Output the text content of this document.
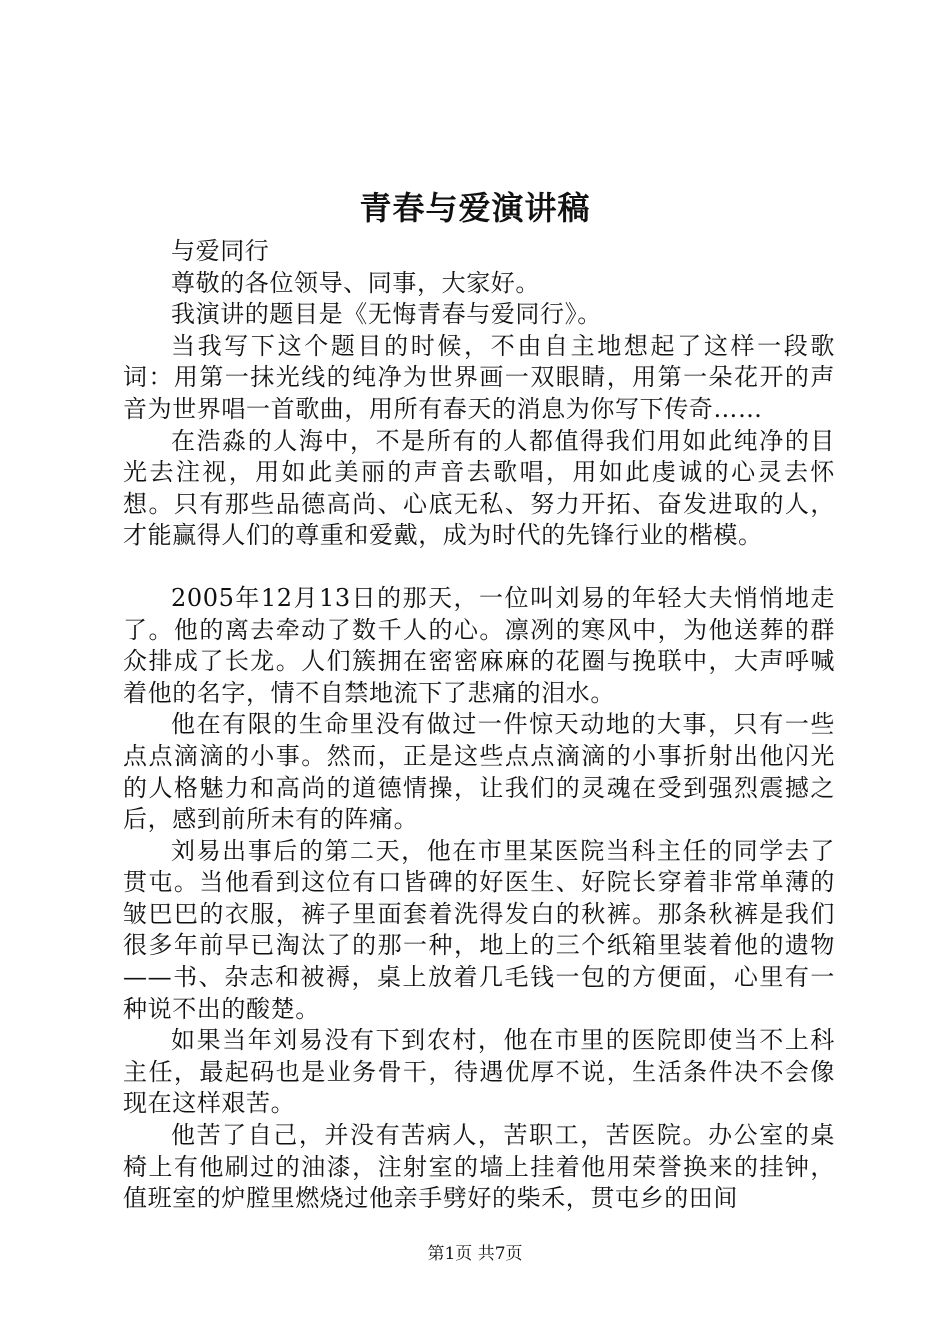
青春与爱演讲稿

与爱同行

尊敬的各位领导、同事，大家好。

我演讲的题目是《无悔青春与爱同行》。

当我写下这个题目的时候，不由自主地想起了这样一段歌词：用第一抹光线的纯净为世界画一双眼睛，用第一朵花开的声音为世界唱一首歌曲，用所有春天的消息为你写下传奇……

在浩淼的人海中，不是所有的人都值得我们用如此纯净的目光去注视，用如此美丽的声音去歌唱，用如此虔诚的心灵去怀想。只有那些品德高尚、心底无私、努力开拓、奋发进取的人，才能赢得人们的尊重和爱戴，成为时代的先锋行业的楷模。

2005年12月13日的那天，一位叫刘易的年轻大夫悄悄地走了。他的离去牵动了数千人的心。凛冽的寒风中，为他送葬的群众排成了长龙。人们簇拥在密密麻麻的花圈与挽联中，大声呼喊着他的名字，情不自禁地流下了悲痛的泪水。

他在有限的生命里没有做过一件惊天动地的大事，只有一些点点滴滴的小事。然而，正是这些点点滴滴的小事折射出他闪光的人格魅力和高尚的道德情操，让我们的灵魂在受到强烈震撼之后，感到前所未有的阵痛。

刘易出事后的第二天，他在市里某医院当科主任的同学去了贯屯。当他看到这位有口皆碑的好医生、好院长穿着非常单薄的皱巴巴的衣服，裤子里面套着洗得发白的秋裤。那条秋裤是我们很多年前早已淘汰了的那一种，地上的三个纸箱里装着他的遗物——书、杂志和被褥，桌上放着几毛钱一包的方便面，心里有一种说不出的酸楚。

如果当年刘易没有下到农村，他在市里的医院即使当不上科主任，最起码也是业务骨干，待遇优厚不说，生活条件决不会像现在这样艰苦。

他苦了自己，并没有苦病人，苦职工，苦医院。办公室的桌椅上有他刷过的油漆，注射室的墙上挂着他用荣誉换来的挂钟，值班室的炉膛里燃烧过他亲手劈好的柴禾，贯屯乡的田间

第1页 共7页
